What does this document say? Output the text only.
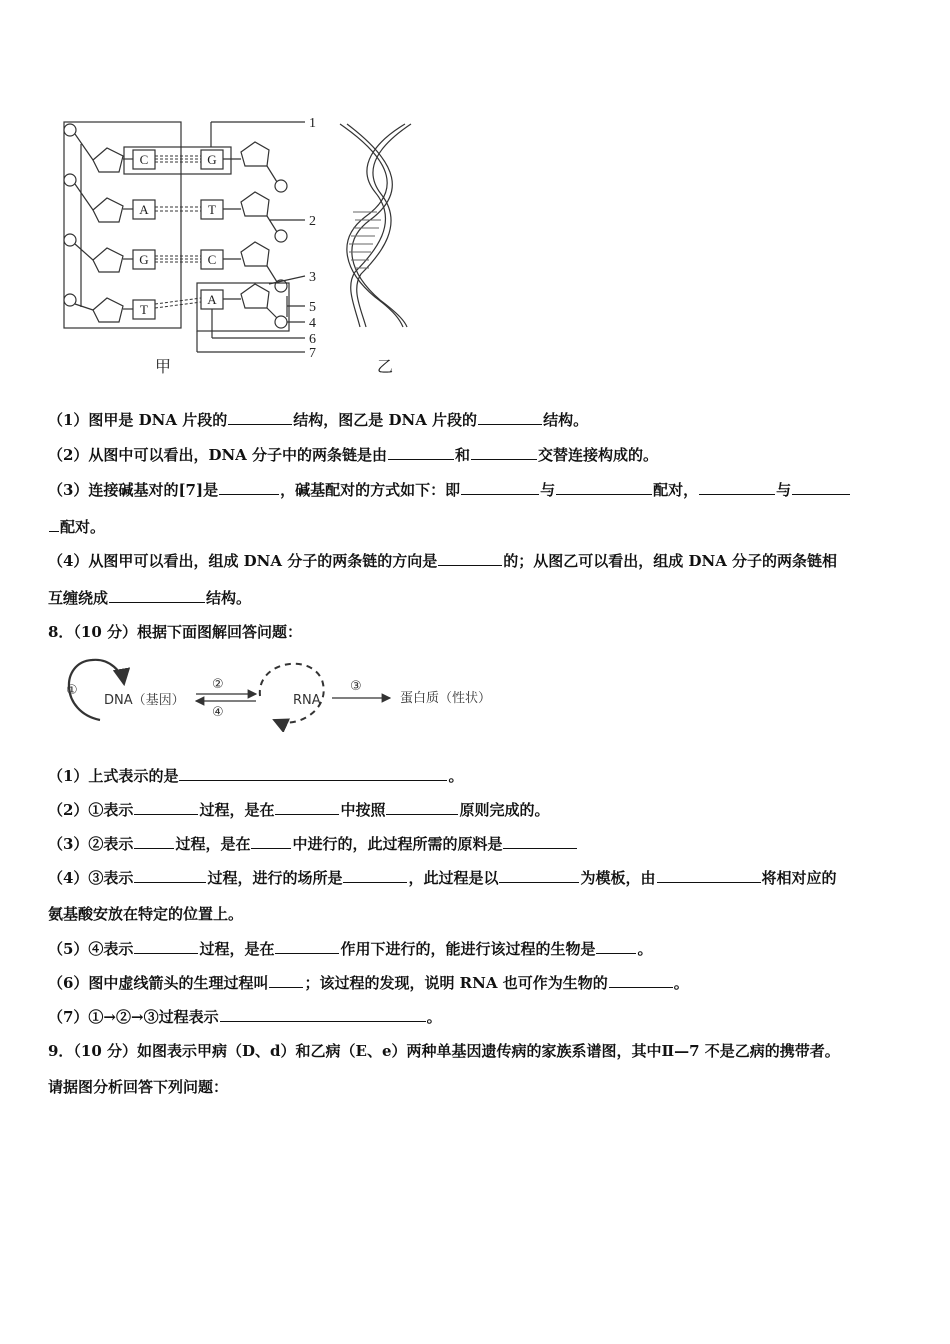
C
A
G
T
G
T
C
A
1
2
3
5
4
6
7
甲	乙
（1）图甲是 DNA 片段的	结构，图乙是 DNA 片段的	结构。
（2）从图中可以看出，DNA 分子中的两条链是由	和	交替连接构成的。
（3）连接碱基对的[7]是	，碱基配对的方式如下：即	与	配对，	与
配对。
（4）从图甲可以看出，组成 DNA 分子的两条链的方向是	的；从图乙可以看出，组成 DNA 分子的两条链相
互缠绕成	结构。
8．（10 分）根据下面图解回答问题：
①
DNA（基因）
②
④
RNA
③
蛋白质（性状）
（1）上式表示的是	。
（2）①表示	过程，是在	中按照	原则完成的。
（3）②表示	过程，是在	中进行的，此过程所需的原料是
（4）③表示	过程，进行的场所是	，此过程是以	为模板，由	将相对应的
氨基酸安放在特定的位置上。
（5）④表示	过程，是在	作用下进行的，能进行该过程的生物是	。
（6）图中虚线箭头的生理过程叫 ；该过程的发现，说明 RNA 也可作为生物的	。
（7）①→②→③过程表示	。
9．（10 分）如图表示甲病（D、d）和乙病（E、e）两种单基因遗传病的家族系谱图，其中Ⅱ—7 不是乙病的携带者。
请据图分析回答下列问题：
